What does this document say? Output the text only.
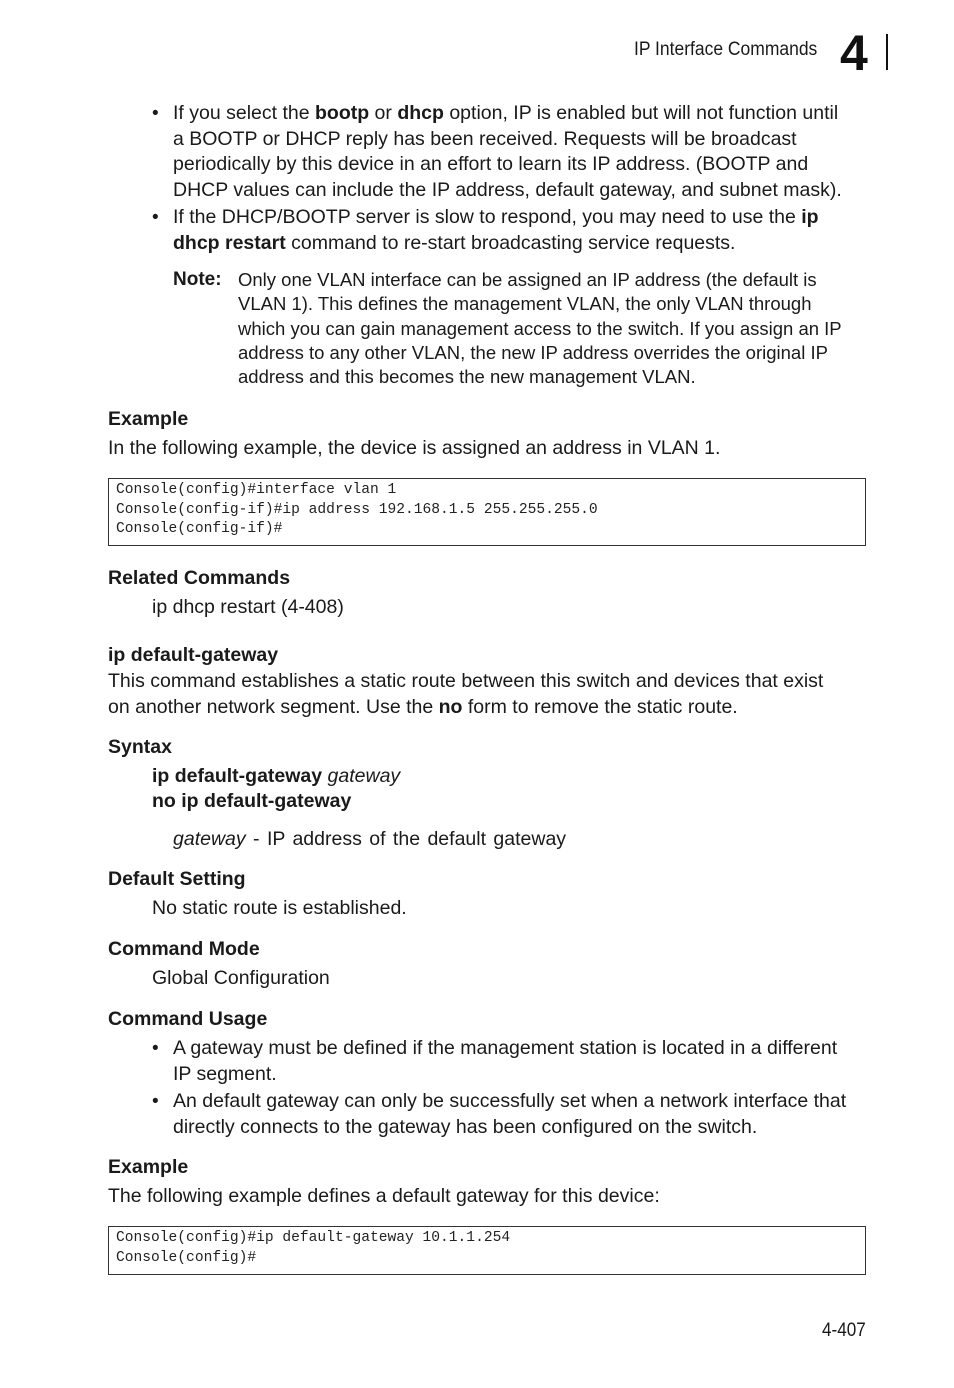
IP Interface Commands 4
• If you select the bootp or dhcp option, IP is enabled but will not function until
a BOOTP or DHCP reply has been received. Requests will be broadcast
periodically by this device in an effort to learn its IP address. (BOOTP and
DHCP values can include the IP address, default gateway, and subnet mask).
• If the DHCP/BOOTP server is slow to respond, you may need to use the ip
dhcp restart command to re-start broadcasting service requests.
Note: Only one VLAN interface can be assigned an IP address (the default is
VLAN 1). This defines the management VLAN, the only VLAN through
which you can gain management access to the switch. If you assign an IP
address to any other VLAN, the new IP address overrides the original IP
address and this becomes the new management VLAN.
Example
In the following example, the device is assigned an address in VLAN 1.
Console(config)#interface vlan 1
Console(config-if)#ip address 192.168.1.5 255.255.255.0
Console(config-if)#
Related Commands
ip dhcp restart (4-408)
ip default-gateway
This command establishes a static route between this switch and devices that exist
on another network segment. Use the no form to remove the static route.
Syntax
ip default-gateway gateway
no ip default-gateway
gateway - IP address of the default gateway
Default Setting
No static route is established.
Command Mode
Global Configuration
Command Usage
• A gateway must be defined if the management station is located in a different
IP segment.
• An default gateway can only be successfully set when a network interface that
directly connects to the gateway has been configured on the switch.
Example
The following example defines a default gateway for this device:
Console(config)#ip default-gateway 10.1.1.254
Console(config)#
4-407
